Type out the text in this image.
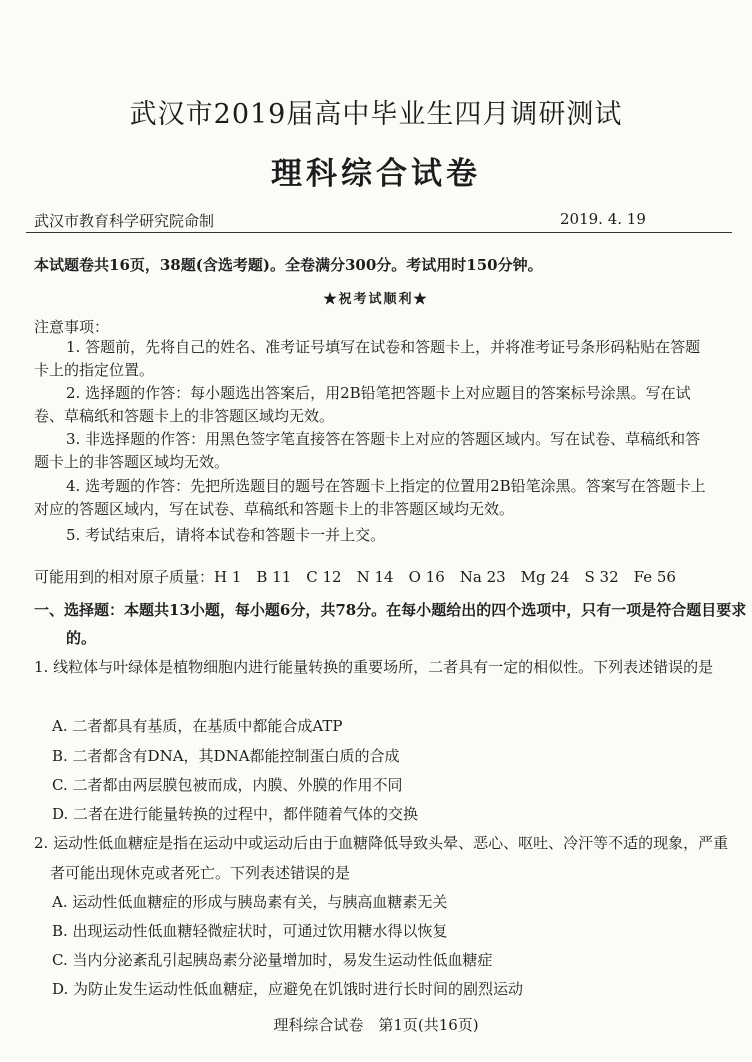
武汉市2019届高中毕业生四月调研测试
理科综合试卷
武汉市教育科学研究院命制	2019. 4. 19
本试题卷共16页，38题(含选考题)。全卷满分300分。考试用时150分钟。
★祝考试顺利★
注意事项：
1. 答题前，先将自己的姓名、准考证号填写在试卷和答题卡上，并将准考证号条形码粘贴在答题卡上的指定位置。
2. 选择题的作答：每小题选出答案后，用2B铅笔把答题卡上对应题目的答案标号涂黑。写在试卷、草稿纸和答题卡上的非答题区域均无效。
3. 非选择题的作答：用黑色签字笔直接答在答题卡上对应的答题区域内。写在试卷、草稿纸和答题卡上的非答题区域均无效。
4. 选考题的作答：先把所选题目的题号在答题卡上指定的位置用2B铅笔涂黑。答案写在答题卡上对应的答题区域内，写在试卷、草稿纸和答题卡上的非答题区域均无效。
5. 考试结束后，请将本试卷和答题卡一并上交。
可能用到的相对原子质量：H 1　B 11　C 12　N 14　O 16　Na 23　Mg 24　S 32　Fe 56
一、选择题：本题共13小题，每小题6分，共78分。在每小题给出的四个选项中，只有一项是符合题目要求的。
1. 线粒体与叶绿体是植物细胞内进行能量转换的重要场所，二者具有一定的相似性。下列表述错误的是
A. 二者都具有基质，在基质中都能合成ATP
B. 二者都含有DNA，其DNA都能控制蛋白质的合成
C. 二者都由两层膜包被而成，内膜、外膜的作用不同
D. 二者在进行能量转换的过程中，都伴随着气体的交换
2. 运动性低血糖症是指在运动中或运动后由于血糖降低导致头晕、恶心、呕吐、冷汗等不适的现象，严重者可能出现休克或者死亡。下列表述错误的是
A. 运动性低血糖症的形成与胰岛素有关，与胰高血糖素无关
B. 出现运动性低血糖轻微症状时，可通过饮用糖水得以恢复
C. 当内分泌紊乱引起胰岛素分泌量增加时，易发生运动性低血糖症
D. 为防止发生运动性低血糖症，应避免在饥饿时进行长时间的剧烈运动
理科综合试卷　第1页(共16页)
